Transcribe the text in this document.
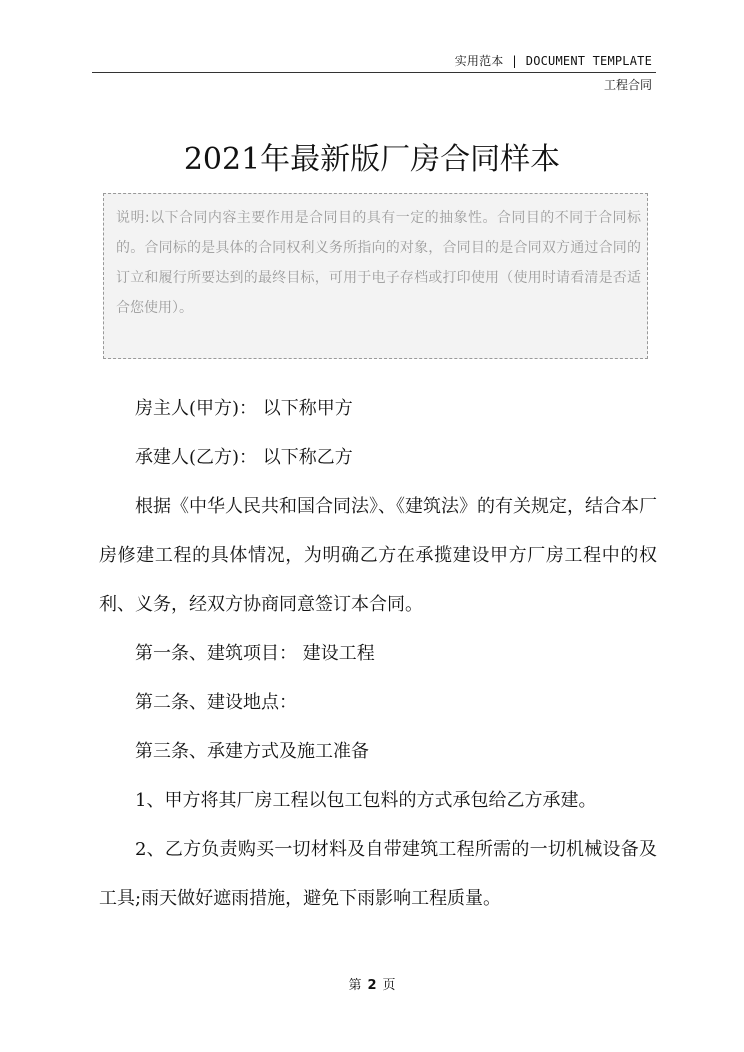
实用范本 | DOCUMENT TEMPLATE
工程合同
2021年最新版厂房合同样本

说明:以下合同内容主要作用是合同目的具有一定的抽象性。合同目的不同于合同标的。合同标的是具体的合同权利义务所指向的对象，合同目的是合同双方通过合同的订立和履行所要达到的最终目标，可用于电子存档或打印使用（使用时请看清是否适合您使用）。

房主人(甲方)： 以下称甲方

承建人(乙方)： 以下称乙方

根据《中华人民共和国合同法》、《建筑法》的有关规定，结合本厂房修建工程的具体情况，为明确乙方在承揽建设甲方厂房工程中的权利、义务，经双方协商同意签订本合同。

第一条、建筑项目： 建设工程

第二条、建设地点：

第三条、承建方式及施工准备

1、甲方将其厂房工程以包工包料的方式承包给乙方承建。

2、乙方负责购买一切材料及自带建筑工程所需的一切机械设备及工具;雨天做好遮雨措施，避免下雨影响工程质量。

第 2 页
